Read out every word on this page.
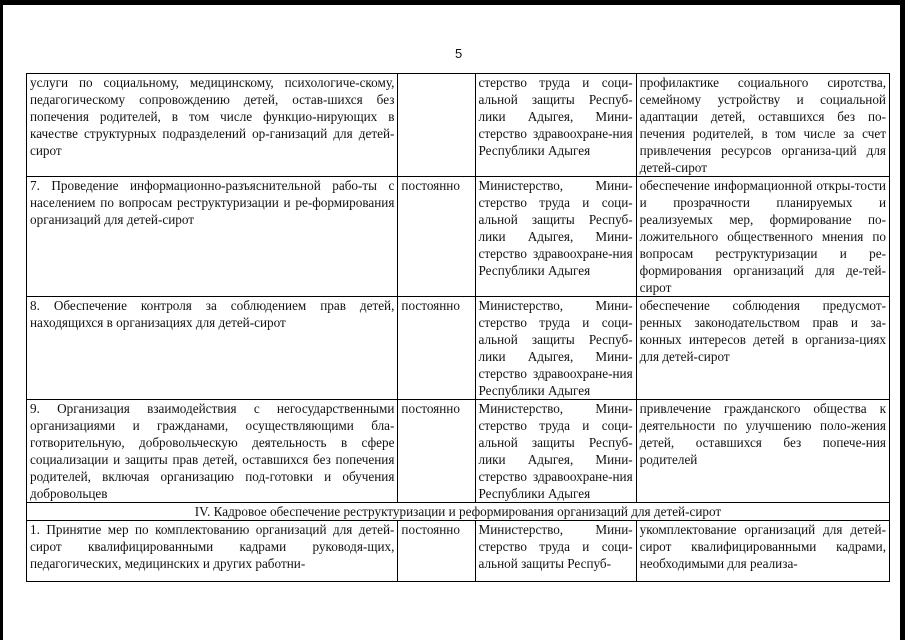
5
услуги по социальному, медицинскому, психологиче-скому, педагогическому сопровождению детей, остав-шихся без попечения родителей, в том числе функцио-нирующих в качестве структурных подразделений ор-ганизаций для детей-сирот		стерство труда и соци-альной защиты Респуб-лики Адыгея, Мини-стерство здравоохране-ния Республики Адыгея	профилактике социального сиротства, семейному устройству и социальной адаптации детей, оставшихся без по-печения родителей, в том числе за счет привлечения ресурсов организа-ций для детей-сирот
7. Проведение информационно-разъяснительной рабо-ты с населением по вопросам реструктуризации и ре-формирования организаций для детей-сирот	постоянно	Министерство, Мини-стерство труда и соци-альной защиты Респуб-лики Адыгея, Мини-стерство здравоохране-ния Республики Адыгея	обеспечение информационной откры-тости и прозрачности планируемых и реализуемых мер, формирование по-ложительного общественного мнения по вопросам реструктуризации и ре-формирования организаций для де-тей-сирот
8. Обеспечение контроля за соблюдением прав детей, находящихся в организациях для детей-сирот	постоянно	Министерство, Мини-стерство труда и соци-альной защиты Респуб-лики Адыгея, Мини-стерство здравоохране-ния Республики Адыгея	обеспечение соблюдения предусмот-ренных законодательством прав и за-конных интересов детей в организа-циях для детей-сирот
9. Организация взаимодействия с негосударственными организациями и гражданами, осуществляющими бла-готворительную, добровольческую деятельность в сфере социализации и защиты прав детей, оставшихся без попечения родителей, включая организацию под-готовки и обучения добровольцев	постоянно	Министерство, Мини-стерство труда и соци-альной защиты Респуб-лики Адыгея, Мини-стерство здравоохране-ния Республики Адыгея	привлечение гражданского общества к деятельности по улучшению поло-жения детей, оставшихся без попече-ния родителей
IV. Кадровое обеспечение реструктуризации и реформирования организаций для детей-сирот			
1. Принятие мер по комплектованию организаций для детей-сирот квалифицированными кадрами руководя-щих, педагогических, медицинских и других работни-	постоянно	Министерство, Мини-стерство труда и соци-альной защиты Респуб-	укомплектование организаций для детей-сирот квалифицированными кадрами, необходимыми для реализа-
